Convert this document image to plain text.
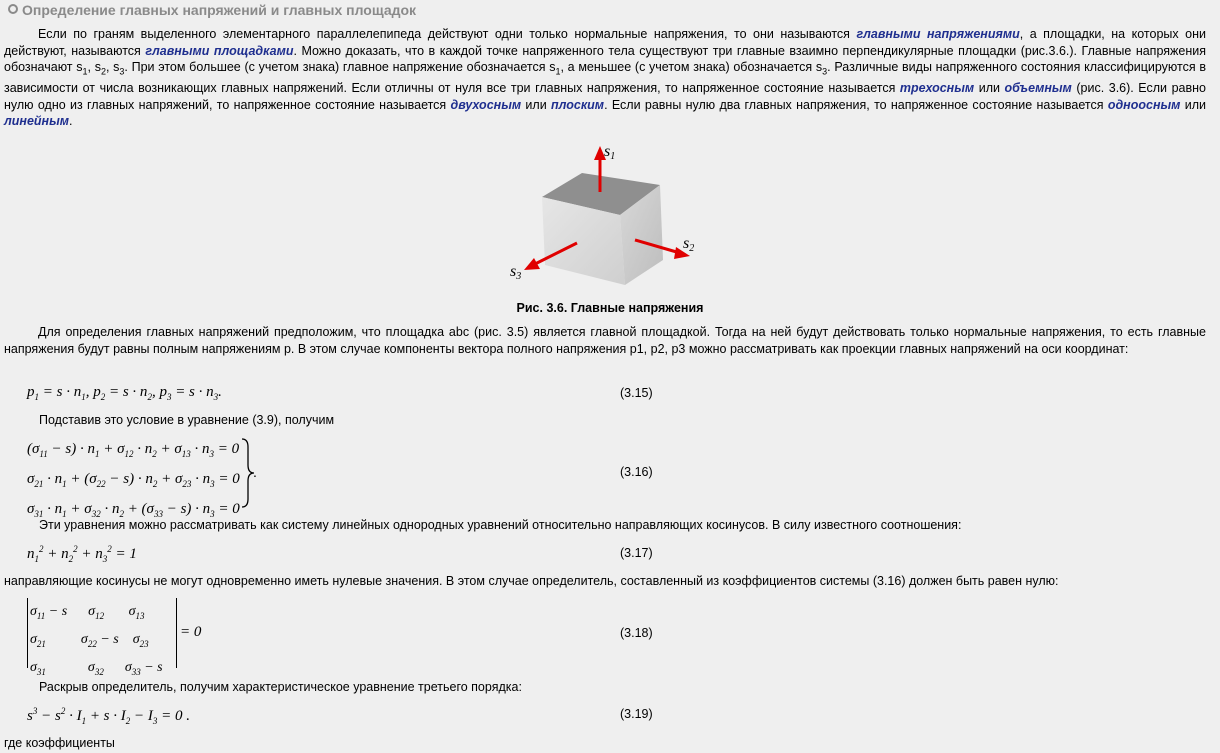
Определение главных напряжений и главных площадок
Если по граням выделенного элементарного параллелепипеда действуют одни только нормальные напряжения, то они называются главными напряжениями, а площадки, на которых они действуют, называются главными площадками. Можно доказать, что в каждой точке напряженного тела существуют три главные взаимно перпендикулярные площадки (рис.3.6.). Главные напряжения обозначают $s_1$, $s_2$, $s_3$. При этом большее (с учетом знака) главное напряжение обозначается $s_1$, а меньшее (с учетом знака) обозначается $s_3$. Различные виды напряженного состояния классифицируются в зависимости от числа возникающих главных напряжений. Если отличны от нуля все три главных напряжения, то напряженное состояние называется трехосным или объемным (рис. 3.6). Если равно нулю одно из главных напряжений, то напряженное состояние называется двухосным или плоским. Если равны нулю два главных напряжения, то напряженное состояние называется одноосным или линейным.
s1
s2
s3
Рис. 3.6. Главные напряжения
Для определения главных напряжений предположим, что площадка abc (рис. 3.5) является главной площадкой. Тогда на ней будут действовать только нормальные напряжения, то есть главные напряжения будут равны полным напряжениям p. В этом случае компоненты вектора полного напряжения p1, p2, p3 можно рассматривать как проекции главных напряжений на оси координат:
$p_1 = s \cdot n_1$, $p_2 = s \cdot n_2$, $p_3 = s \cdot n_3$.	(3.15)
Подставив это условие в уравнение (3.9), получим
$(\sigma_{11} - s) \cdot n_1 + \sigma_{12} \cdot n_2 + \sigma_{13} \cdot n_3 = 0$
$\sigma_{21} \cdot n_1 + (\sigma_{22} - s) \cdot n_2 + \sigma_{23} \cdot n_3 = 0$
$\sigma_{31} \cdot n_1 + \sigma_{32} \cdot n_2 + (\sigma_{33} - s) \cdot n_3 = 0$
.	(3.16)
Эти уравнения можно рассматривать как систему линейных однородных уравнений относительно направляющих косинусов. В силу известного соотношения:
$n_1^2 + n_2^2 + n_3^2 = 1$	(3.17)
направляющие косинусы не могут одновременно иметь нулевые значения. В этом случае определитель, составленный из коэффициентов системы (3.16) должен быть равен нулю:
$\sigma_{11} - s$      $\sigma_{12}$       $\sigma_{13}$
$\sigma_{21}$          $\sigma_{22} - s$    $\sigma_{23}$
$\sigma_{31}$            $\sigma_{32}$      $\sigma_{33} - s$
= 0	(3.18)
Раскрыв определитель, получим характеристическое уравнение третьего порядка:
$s^3 - s^2 \cdot I_1 + s \cdot I_2 - I_3 = 0$ .	(3.19)
где коэффициенты
